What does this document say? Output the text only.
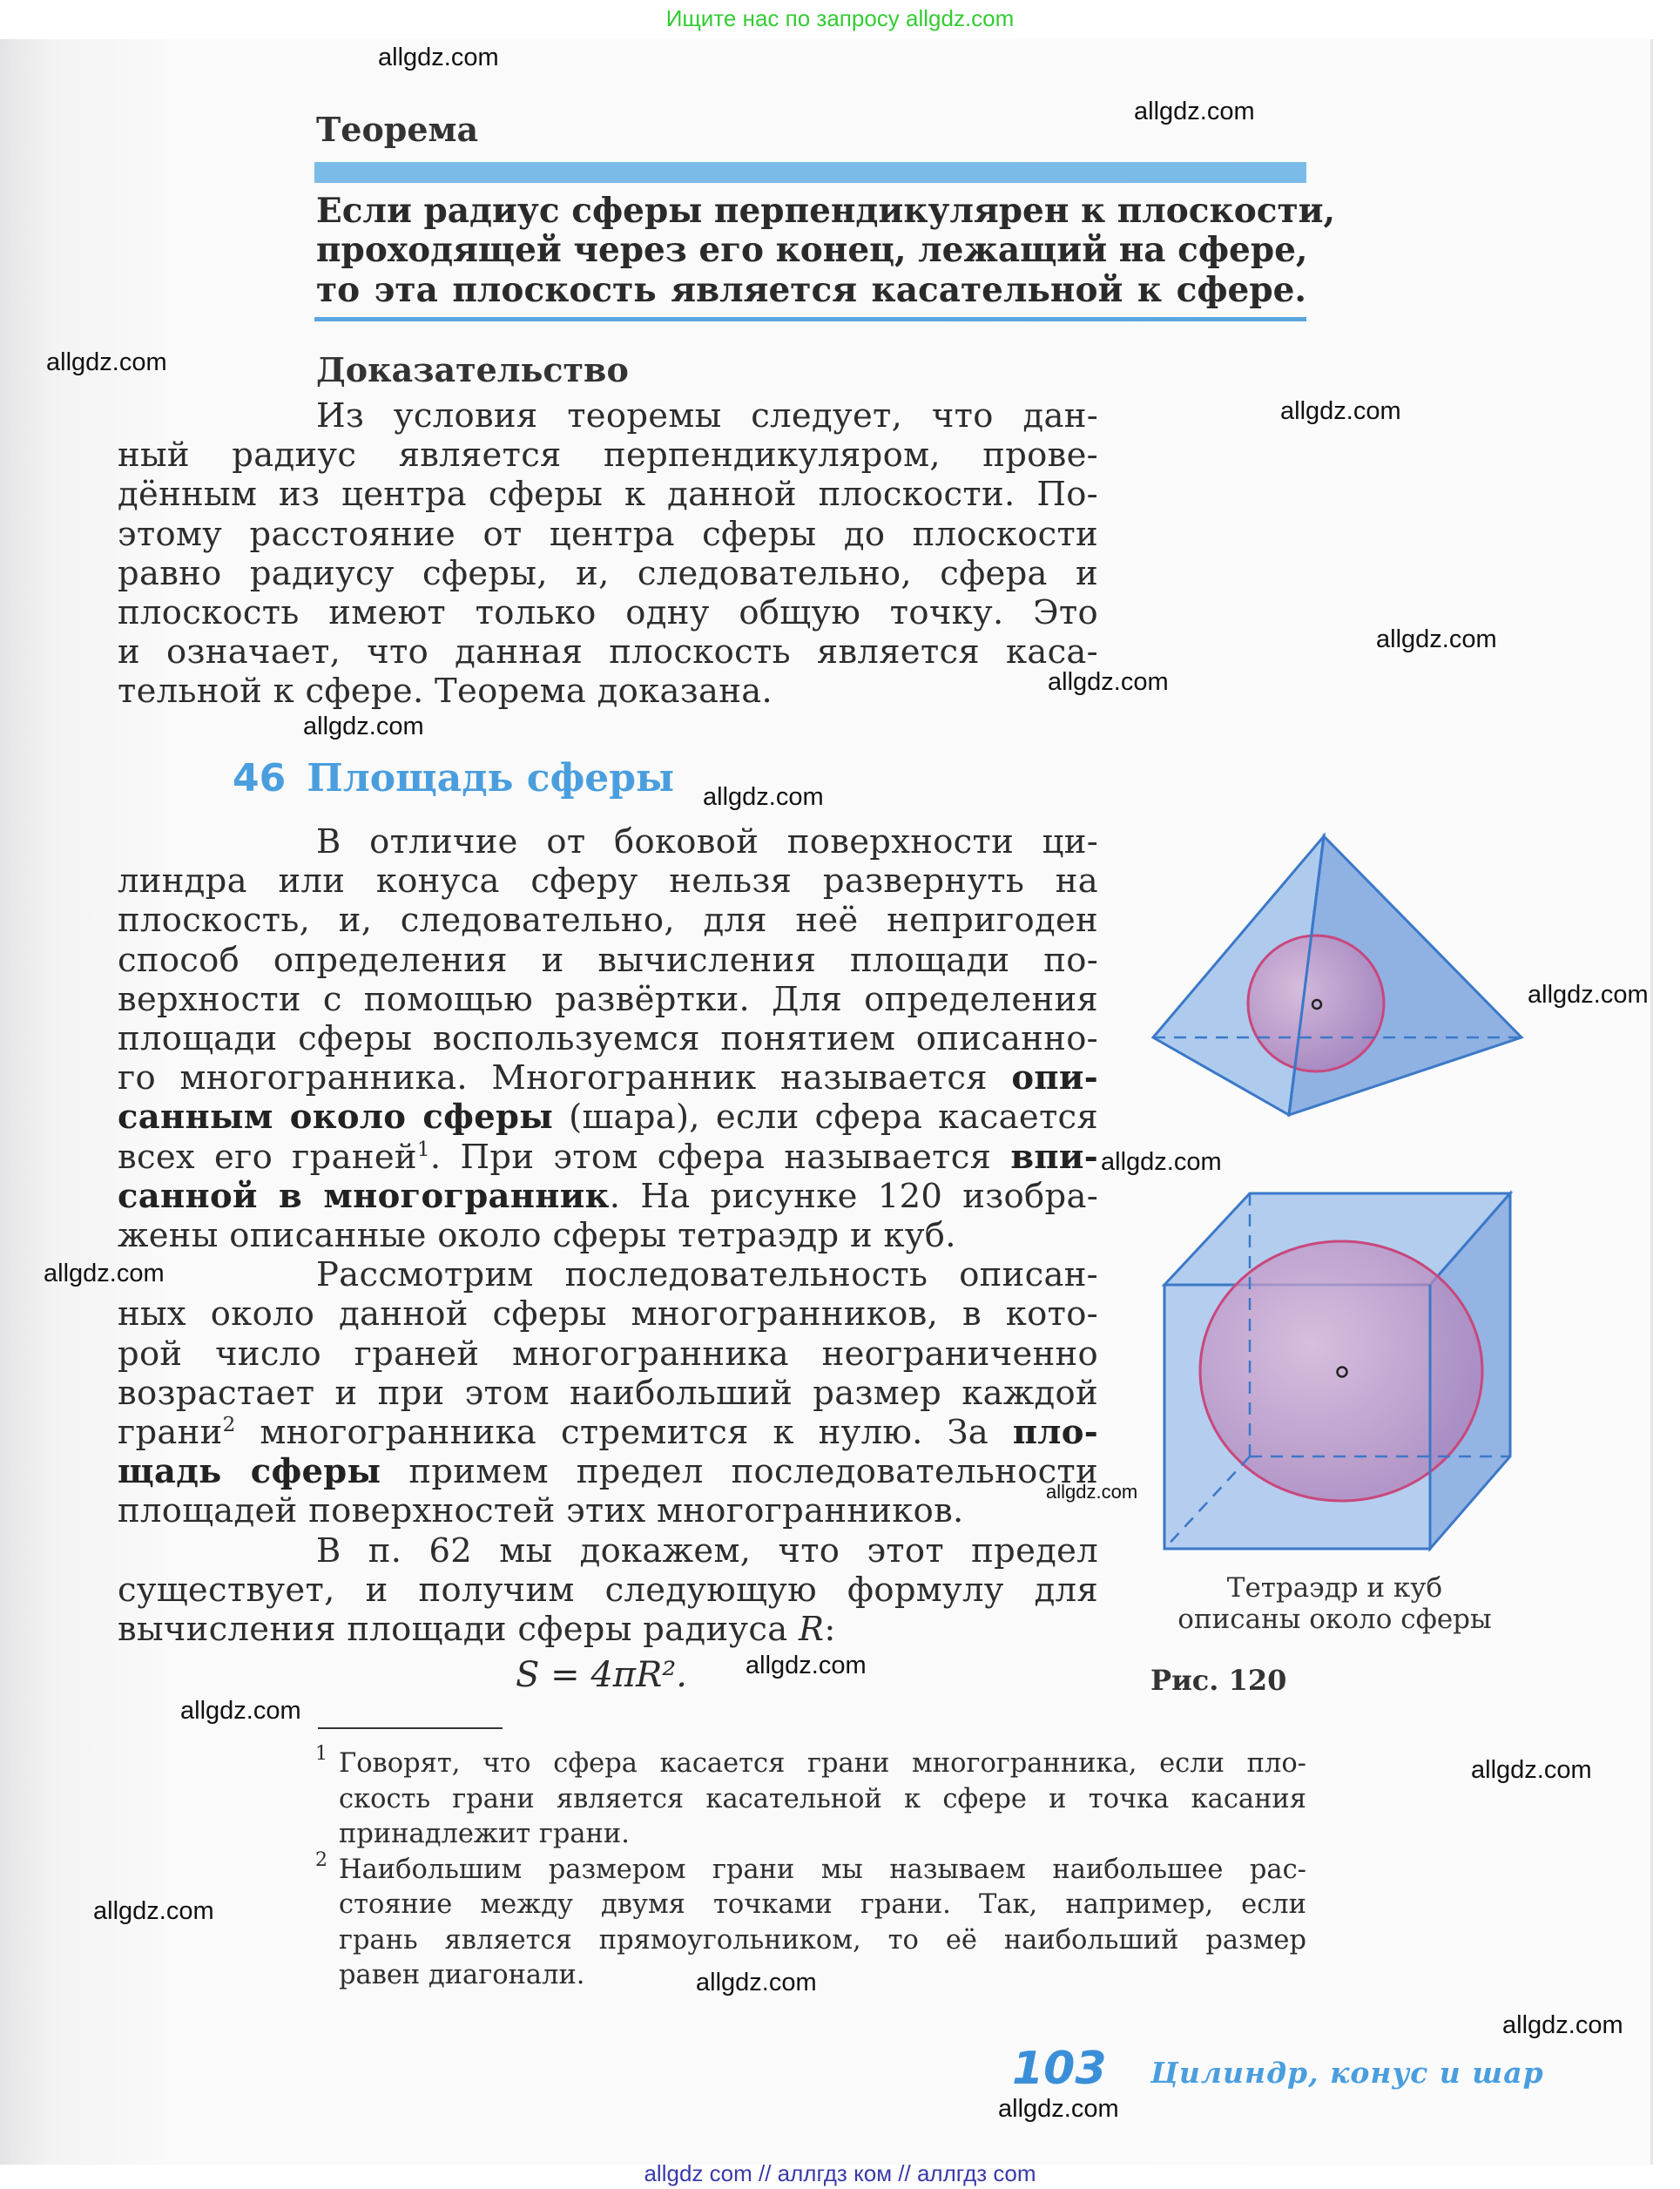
Ищите нас по запросу allgdz.com
Теорема
Если радиус сферы перпендикулярен к плоскости,
проходящей через его конец, лежащий на сфере,
то эта плоскость является касательной к сфере.
Доказательство
Из условия теоремы следует, что дан-
ный радиус является перпендикуляром, прове-
дённым из центра сферы к данной плоскости. По-
этому расстояние от центра сферы до плоскости
равно радиусу сферы, и, следовательно, сфера и
плоскость имеют только одну общую точку. Это
и означает, что данная плоскость является каса-
тельной к сфере. Теорема доказана.
46 Площадь сферы
В отличие от боковой поверхности ци-
линдра или конуса сферу нельзя развернуть на
плоскость, и, следовательно, для неё непригоден
способ определения и вычисления площади по-
верхности с помощью развёртки. Для определения
площади сферы воспользуемся понятием описанно-
го многогранника. Многогранник называется опи-
санным около сферы (шара), если сфера касается
всех его граней$^1$. При этом сфера называется впи-
санной в многогранник. На рисунке 120 изобра-
жены описанные около сферы тетраэдр и куб.
Рассмотрим последовательность описан-
ных около данной сферы многогранников, в кото-
рой число граней многогранника неограниченно
возрастает и при этом наибольший размер каждой
грани$^2$ многогранника стремится к нулю. За пло-
щадь сферы примем предел последовательности
площадей поверхностей этих многогранников.
В п. 62 мы докажем, что этот предел
существует, и получим следующую формулу для
вычисления площади сферы радиуса R:
S = 4πR².
1 Говорят, что сфера касается грани многогранника, если пло-
скость грани является касательной к сфере и точка касания
принадлежит грани.
2 Наибольшим размером грани мы называем наибольшее рас-
стояние между двумя точками грани. Так, например, если
грань является прямоугольником, то её наибольший размер
равен диагонали.
Тетраэдр и куб
описаны около сферы
Рис. 120
103 Цилиндр, конус и шар
allgdz.com
allgdz.com
allgdz.com
allgdz.com
allgdz.com
allgdz.com
allgdz.com
allgdz.com
allgdz.com
allgdz.com
allgdz.com
allgdz.com
allgdz.com
allgdz.com
allgdz.com
allgdz.com
allgdz.com
allgdz.com
allgdz.com
allgdz com // аллгдз ком // аллгдз com
